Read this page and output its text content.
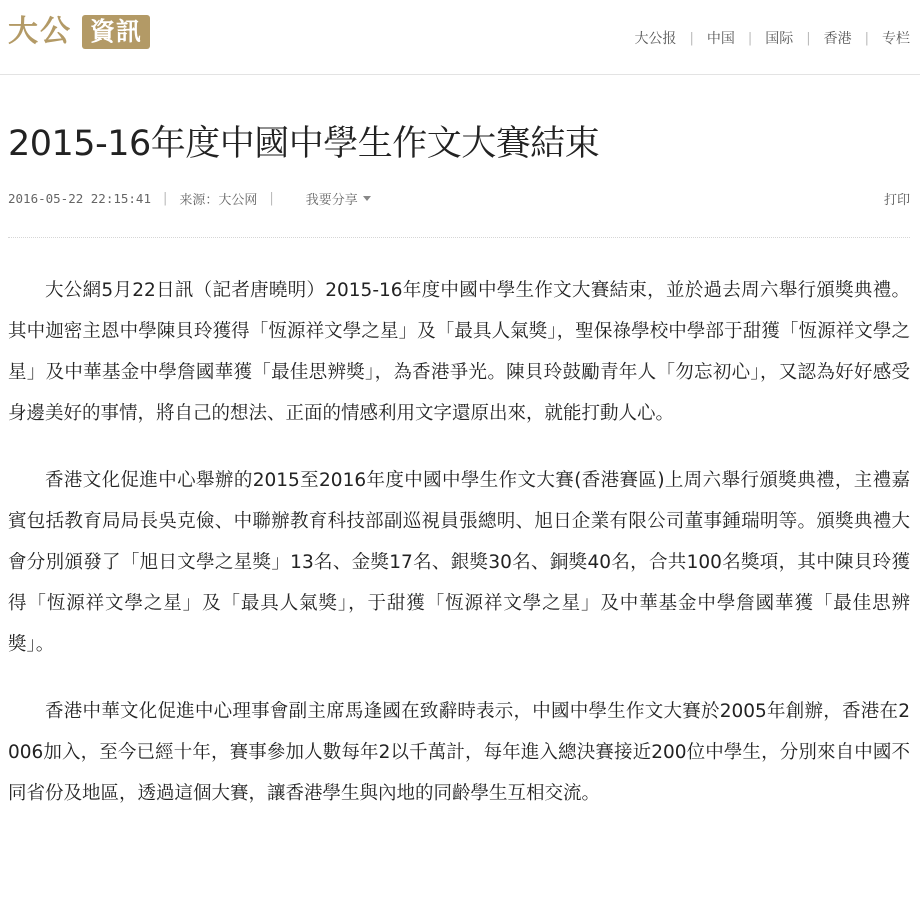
大公 資訊	大公报 | 中国 | 国际 | 香港 | 专栏
2015-16年度中國中學生作文大賽結束
2016-05-22 22:15:41 | 来源：大公网 | 我要分享	打印

大公網5月22日訊（記者唐曉明）2015-16年度中國中學生作文大賽結束，並於過去周六舉行頒獎典禮。其中迦密主恩中學陳貝玲獲得「恆源祥文學之星」及「最具人氣獎」，聖保祿學校中學部于甜獲「恆源祥文學之星」及中華基金中學詹國華獲「最佳思辨獎」，為香港爭光。陳貝玲鼓勵青年人「勿忘初心」，又認為好好感受身邊美好的事情，將自己的想法、正面的情感利用文字還原出來，就能打動人心。

香港文化促進中心舉辦的2015至2016年度中國中學生作文大賽(香港賽區)上周六舉行頒獎典禮，主禮嘉賓包括教育局局長吳克儉、中聯辦教育科技部副巡視員張總明、旭日企業有限公司董事鍾瑞明等。頒獎典禮大會分別頒發了「旭日文學之星獎」13名、金獎17名、銀獎30名、銅獎40名，合共100名獎項，其中陳貝玲獲得「恆源祥文學之星」及「最具人氣獎」，于甜獲「恆源祥文學之星」及中華基金中學詹國華獲「最佳思辨獎」。

香港中華文化促進中心理事會副主席馬逢國在致辭時表示，中國中學生作文大賽於2005年創辦，香港在2006加入，至今已經十年，賽事參加人數每年2以千萬計，每年進入總決賽接近200位中學生，分別來自中國不同省份及地區，透過這個大賽，讓香港學生與內地的同齡學生互相交流。
